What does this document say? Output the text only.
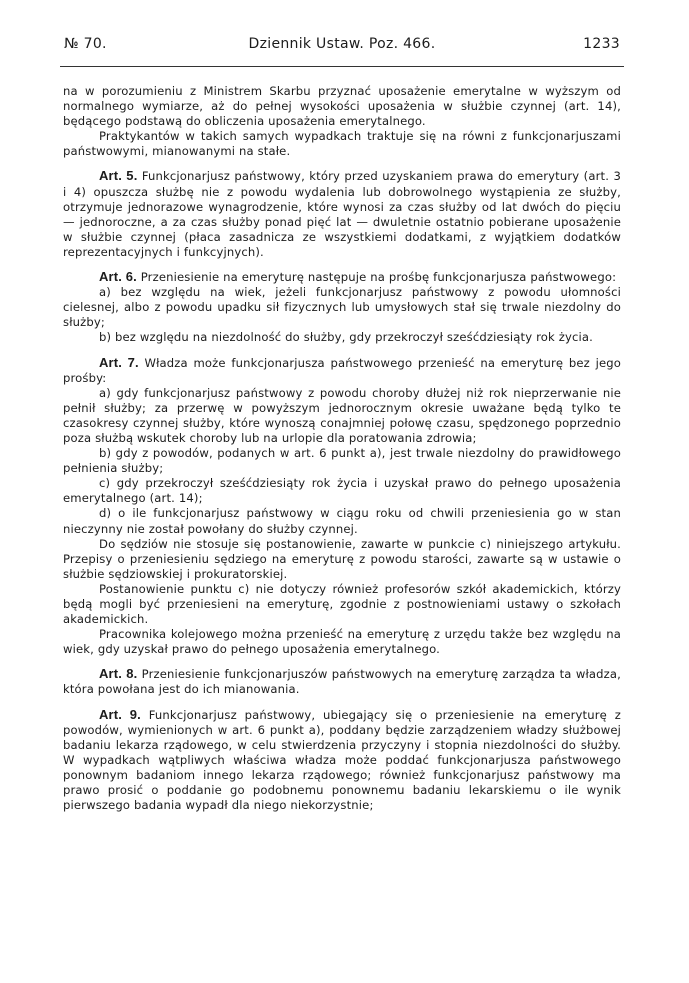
№ 70.	Dziennik Ustaw. Poz. 466.	1233

na w porozumieniu z Ministrem Skarbu przyznać uposażenie emerytalne w wyższym od normalnego wymiarze, aż do pełnej wysokości uposażenia w służbie czynnej (art. 14), będącego podstawą do obliczenia uposażenia emerytalnego.

Praktykantów w takich samych wypadkach traktuje się na równi z funkcjonarjuszami państwowymi, mianowanymi na stałe.

Art. 5. Funkcjonarjusz państwowy, który przed uzyskaniem prawa do emerytury (art. 3 i 4) opuszcza służbę nie z powodu wydalenia lub dobrowolnego wystąpienia ze służby, otrzymuje jednorazowe wynagrodzenie, które wynosi za czas służby od lat dwóch do pięciu — jednoroczne, a za czas służby ponad pięć lat — dwuletnie ostatnio pobierane uposażenie w służbie czynnej (płaca zasadnicza ze wszystkiemi dodatkami, z wyjątkiem dodatków reprezentacyjnych i funkcyjnych).

Art. 6. Przeniesienie na emeryturę następuje na prośbę funkcjonarjusza państwowego:

a) bez względu na wiek, jeżeli funkcjonarjusz państwowy z powodu ułomności cielesnej, albo z powodu upadku sił fizycznych lub umysłowych stał się trwale niezdolny do służby;

b) bez względu na niezdolność do służby, gdy przekroczył sześćdziesiąty rok życia.

Art. 7. Władza może funkcjonarjusza państwowego przenieść na emeryturę bez jego prośby:

a) gdy funkcjonarjusz państwowy z powodu choroby dłużej niż rok nieprzerwanie nie pełnił służby; za przerwę w powyższym jednorocznym okresie uważane będą tylko te czasokresy czynnej służby, które wynoszą conajmniej połowę czasu, spędzonego poprzednio poza służbą wskutek choroby lub na urlopie dla poratowania zdrowia;

b) gdy z powodów, podanych w art. 6 punkt a), jest trwale niezdolny do prawidłowego pełnienia służby;

c) gdy przekroczył sześćdziesiąty rok życia i uzyskał prawo do pełnego uposażenia emerytalnego (art. 14);

d) o ile funkcjonarjusz państwowy w ciągu roku od chwili przeniesienia go w stan nieczynny nie został powołany do służby czynnej.

Do sędziów nie stosuje się postanowienie, zawarte w punkcie c) niniejszego artykułu. Przepisy o przeniesieniu sędziego na emeryturę z powodu starości, zawarte są w ustawie o służbie sędziowskiej i prokuratorskiej.

Postanowienie punktu c) nie dotyczy również profesorów szkół akademickich, którzy będą mogli być przeniesieni na emeryturę, zgodnie z postnowieniami ustawy o szkołach akademickich.

Pracownika kolejowego można przenieść na emeryturę z urzędu także bez względu na wiek, gdy uzyskał prawo do pełnego uposażenia emerytalnego.

Art. 8. Przeniesienie funkcjonarjuszów państwowych na emeryturę zarządza ta władza, która powołana jest do ich mianowania.

Art. 9. Funkcjonarjusz państwowy, ubiegający się o przeniesienie na emeryturę z powodów, wymienionych w art. 6 punkt a), poddany będzie zarządzeniem władzy służbowej badaniu lekarza rządowego, w celu stwierdzenia przyczyny i stopnia niezdolności do służby. W wypadkach wątpliwych właściwa władza może poddać funkcjonarjusza państwowego ponownym badaniom innego lekarza rządowego; również funkcjonarjusz państwowy ma prawo prosić o poddanie go podobnemu ponownemu badaniu lekarskiemu o ile wynik pierwszego badania wypadł dla niego niekorzystnie;
